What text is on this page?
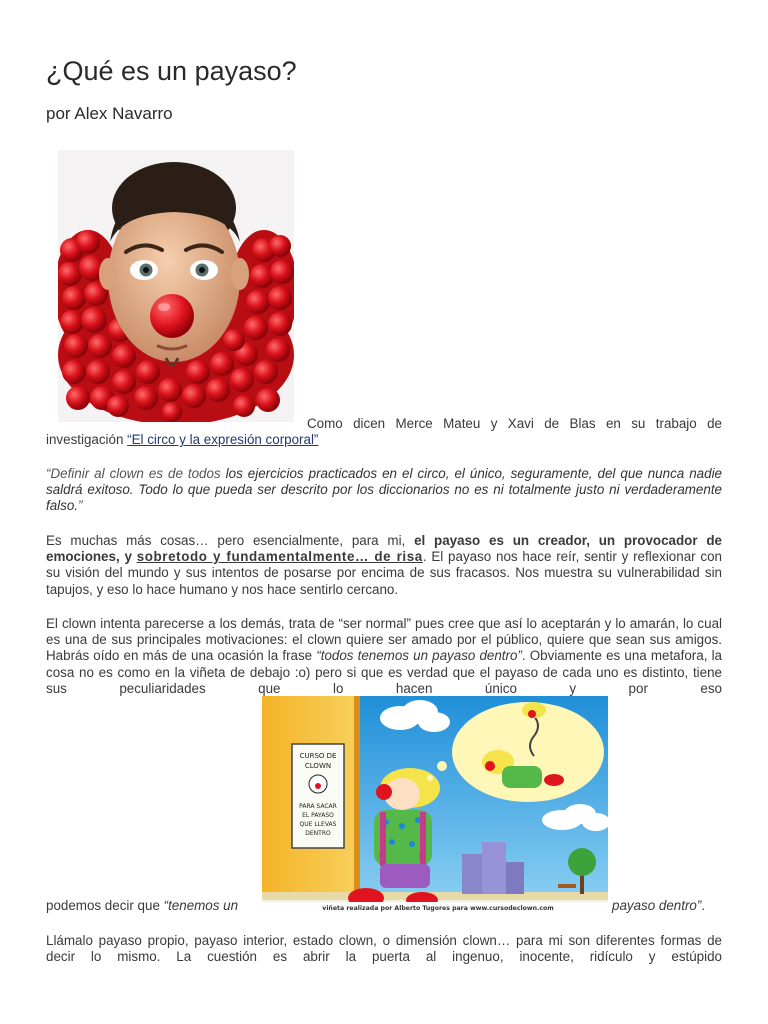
¿Qué es un payaso?

por Alex Navarro

Como dicen Merce Mateu y Xavi de Blas en su trabajo de investigación “El circo y la expresión corporal”

“Definir al clown es de todos los ejercicios practicados en el circo, el único, seguramente, del que nunca nadie saldrá exitoso. Todo lo que pueda ser descrito por los diccionarios no es ni totalmente justo ni verdaderamente falso.”

Es muchas más cosas… pero esencialmente, para mi, el payaso es un creador, un provocador de emociones, y sobretodo y fundamentalmente… de risa. El payaso nos hace reír, sentir y reflexionar con su visión del mundo y sus intentos de posarse por encima de sus fracasos. Nos muestra su vulnerabilidad sin tapujos, y eso lo hace humano y nos hace sentirlo cercano.

El clown intenta parecerse a los demás, trata de “ser normal” pues cree que así lo aceptarán y lo amarán, lo cual es una de sus principales motivaciones: el clown quiere ser amado por el público, quiere que sean sus amigos. Habrás oído en más de una ocasión la frase “todos tenemos un payaso dentro”. Obviamente es una metafora, la cosa no es como en la viñeta de debajo :o) pero si que es verdad que el payaso de cada uno es distinto, tiene sus peculiaridades que lo hacen único y por eso

CURSO DE
CLOWN
PARA SACAR
EL PAYASO
QUE LLEVAS
DENTRO
viñeta realizada por Alberto Tugores para www.cursodeclown.com
podemos decir que “tenemos un	payaso dentro”.

Llámalo payaso propio, payaso interior, estado clown, o dimensión clown… para mi son diferentes formas de decir lo mismo. La cuestión es abrir la puerta al ingenuo, inocente, ridículo y estúpido
